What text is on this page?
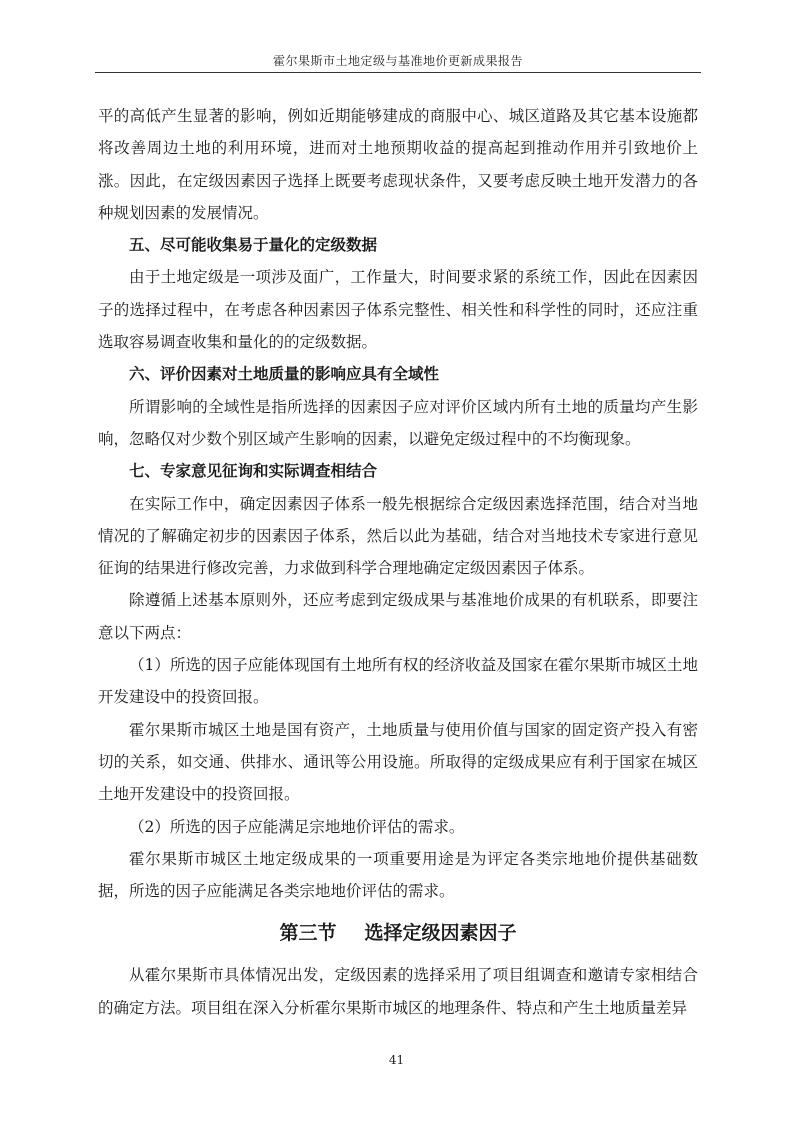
霍尔果斯市土地定级与基准地价更新成果报告

平的高低产生显著的影响，例如近期能够建成的商服中心、城区道路及其它基本设施都将改善周边土地的利用环境，进而对土地预期收益的提高起到推动作用并引致地价上涨。因此，在定级因素因子选择上既要考虑现状条件，又要考虑反映土地开发潜力的各种规划因素的发展情况。

五、尽可能收集易于量化的定级数据

由于土地定级是一项涉及面广，工作量大，时间要求紧的系统工作，因此在因素因子的选择过程中，在考虑各种因素因子体系完整性、相关性和科学性的同时，还应注重选取容易调查收集和量化的的定级数据。

六、评价因素对土地质量的影响应具有全域性

所谓影响的全域性是指所选择的因素因子应对评价区域内所有土地的质量均产生影响，忽略仅对少数个别区域产生影响的因素，以避免定级过程中的不均衡现象。

七、专家意见征询和实际调查相结合

在实际工作中，确定因素因子体系一般先根据综合定级因素选择范围，结合对当地情况的了解确定初步的因素因子体系，然后以此为基础，结合对当地技术专家进行意见征询的结果进行修改完善，力求做到科学合理地确定定级因素因子体系。

除遵循上述基本原则外，还应考虑到定级成果与基准地价成果的有机联系，即要注意以下两点：

（1）所选的因子应能体现国有土地所有权的经济收益及国家在霍尔果斯市城区土地开发建设中的投资回报。

霍尔果斯市城区土地是国有资产，土地质量与使用价值与国家的固定资产投入有密切的关系，如交通、供排水、通讯等公用设施。所取得的定级成果应有利于国家在城区土地开发建设中的投资回报。

（2）所选的因子应能满足宗地地价评估的需求。

霍尔果斯市城区土地定级成果的一项重要用途是为评定各类宗地地价提供基础数据，所选的因子应能满足各类宗地地价评估的需求。

第三节 选择定级因素因子

从霍尔果斯市具体情况出发，定级因素的选择采用了项目组调查和邀请专家相结合的确定方法。项目组在深入分析霍尔果斯市城区的地理条件、特点和产生土地质量差异

41
